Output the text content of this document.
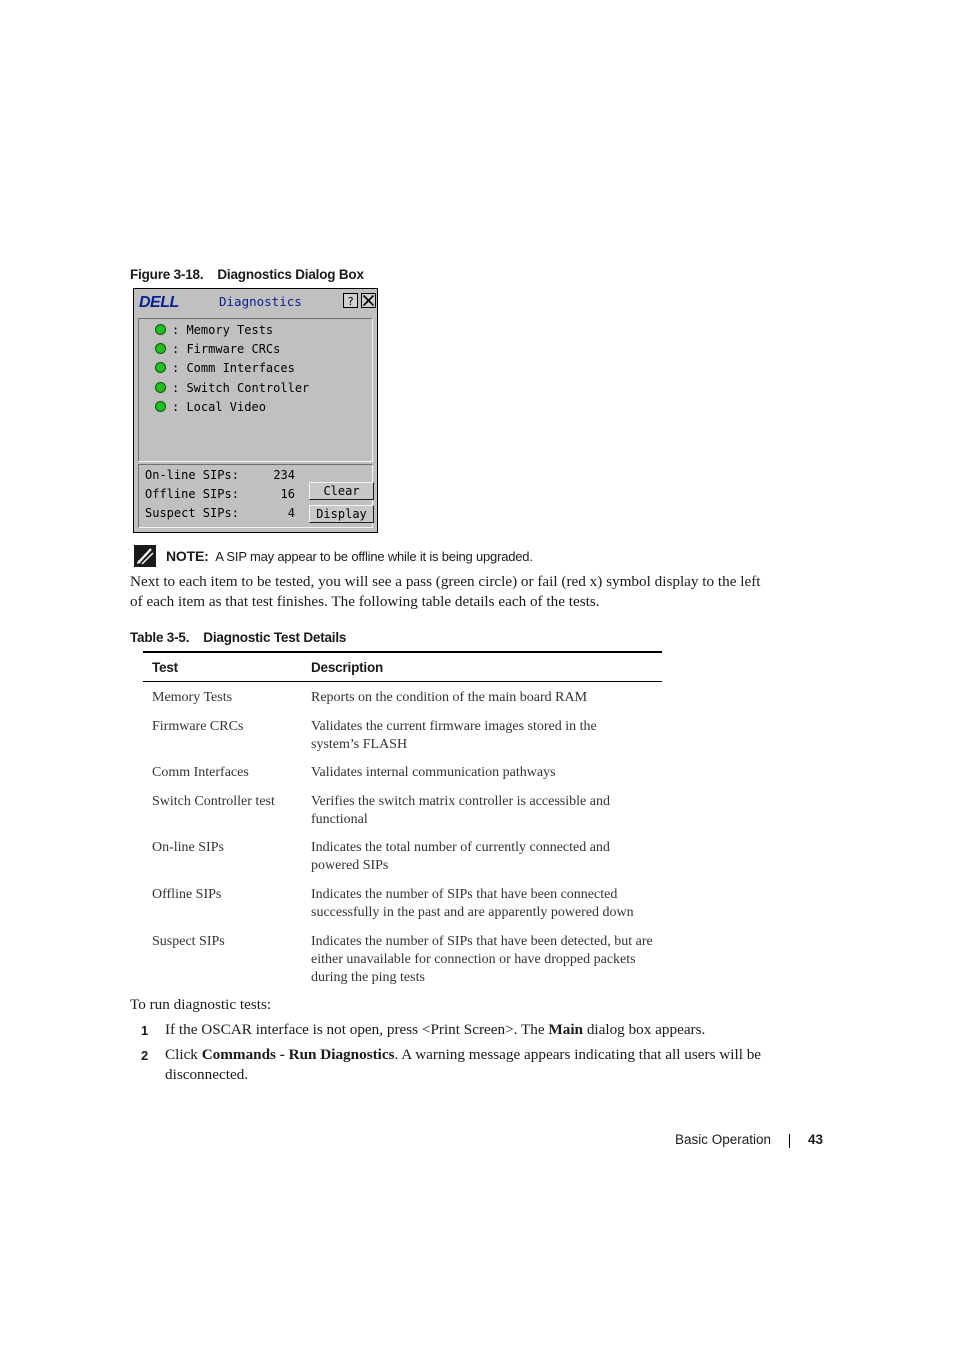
Figure 3-18. Diagnostics Dialog Box
DELL	Diagnostics	?
: Memory Tests
: Firmware CRCs
: Comm Interfaces
: Switch Controller
: Local Video
On-line SIPs:	234
Offline SIPs:	16
Suspect SIPs:	4
Clear
Display
NOTE: A SIP may appear to be offline while it is being upgraded.
Next to each item to be tested, you will see a pass (green circle) or fail (red x) symbol display to the left of each item as that test finishes. The following table details each of the tests.
Table 3-5. Diagnostic Test Details
Test	Description
Memory Tests	Reports on the condition of the main board RAM
Firmware CRCs	Validates the current firmware images stored in the system’s FLASH
Comm Interfaces	Validates internal communication pathways
Switch Controller test	Verifies the switch matrix controller is accessible and functional
On-line SIPs	Indicates the total number of currently connected and powered SIPs
Offline SIPs	Indicates the number of SIPs that have been connected successfully in the past and are apparently powered down
Suspect SIPs	Indicates the number of SIPs that have been detected, but are either unavailable for connection or have dropped packets during the ping tests
To run diagnostic tests:
1 If the OSCAR interface is not open, press <Print Screen>. The Main dialog box appears.
2 Click Commands - Run Diagnostics. A warning message appears indicating that all users will be disconnected.
Basic Operation	43
